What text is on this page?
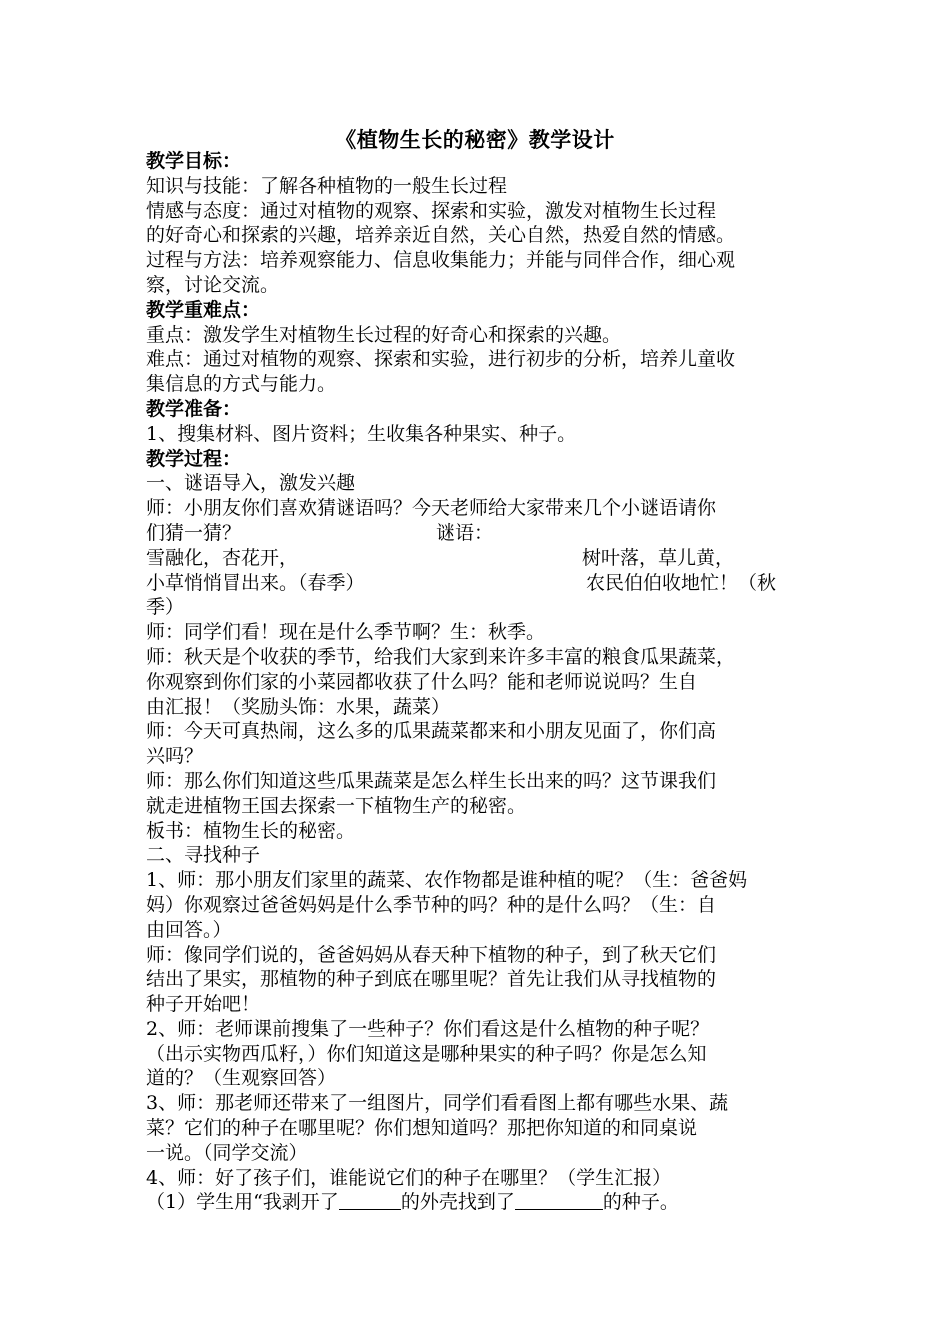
《植物生长的秘密》教学设计
教学目标：
知识与技能：了解各种植物的一般生长过程
情感与态度：通过对植物的观察、探索和实验，激发对植物生长过程
的好奇心和探索的兴趣，培养亲近自然，关心自然，热爱自然的情感。
过程与方法：培养观察能力、信息收集能力；并能与同伴合作，细心观
察，讨论交流。
教学重难点：
重点：激发学生对植物生长过程的好奇心和探索的兴趣。
难点：通过对植物的观察、探索和实验，进行初步的分析，培养儿童收
集信息的方式与能力。
教学准备：
1、搜集材料、图片资料；生收集各种果实、种子。
教学过程：
一、谜语导入，激发兴趣
师：小朋友你们喜欢猜谜语吗？今天老师给大家带来几个小谜语请你
们猜一猜？	谜语：
雪融化，杏花开，	树叶落，草儿黄，
小草悄悄冒出来。（春季）	农民伯伯收地忙！（秋
季）
师：同学们看！现在是什么季节啊？生：秋季。
师：秋天是个收获的季节，给我们大家到来许多丰富的粮食瓜果蔬菜，
你观察到你们家的小菜园都收获了什么吗？能和老师说说吗？生自
由汇报！（奖励头饰：水果，蔬菜）
师：今天可真热闹，这么多的瓜果蔬菜都来和小朋友见面了，你们高
兴吗？
师：那么你们知道这些瓜果蔬菜是怎么样生长出来的吗？这节课我们
就走进植物王国去探索一下植物生产的秘密。
板书：植物生长的秘密。
二、寻找种子
1、师：那小朋友们家里的蔬菜、农作物都是谁种植的呢？（生：爸爸妈
妈）你观察过爸爸妈妈是什么季节种的吗？种的是什么吗？（生：自
由回答。）
师：像同学们说的，爸爸妈妈从春天种下植物的种子，到了秋天它们
结出了果实，那植物的种子到底在哪里呢？首先让我们从寻找植物的
种子开始吧！
2、师：老师课前搜集了一些种子？你们看这是什么植物的种子呢？
（出示实物西瓜籽，）你们知道这是哪种果实的种子吗？你是怎么知
道的？（生观察回答）
3、师：那老师还带来了一组图片，同学们看看图上都有哪些水果、蔬
菜？它们的种子在哪里呢？你们想知道吗？那把你知道的和同桌说
一说。（同学交流）
4、师：好了孩子们，谁能说它们的种子在哪里？（学生汇报）
（1）学生用“我剥开了	的外壳找到了	的种子。
